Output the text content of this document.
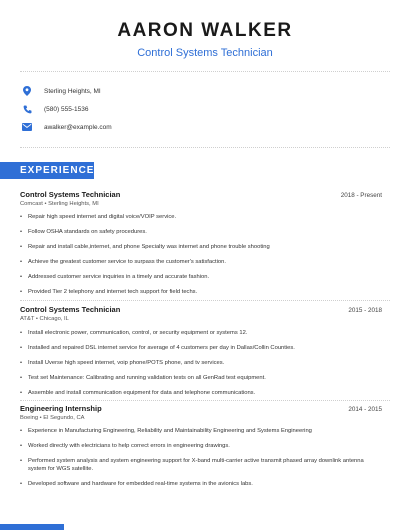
AARON WALKER
Control Systems Technician
Sterling Heights, MI
(580) 555-1536
awalker@example.com
EXPERIENCE
Control Systems Technician	2018 - Present
Comcast • Sterling Heights, MI
• Repair high speed internet and digital voice/VOIP service.
• Follow OSHA standards on safety procedures.
• Repair and install cable,internet, and phone Specialty was internet and phone trouble shooting
• Achieve the greatest customer service to surpass the customer's satisfaction.
• Addressed customer service inquiries in a timely and accurate fashion.
• Provided Tier 2 telephony and internet tech support for field techs.
Control Systems Technician	2015 - 2018
AT&T • Chicago, IL
• Install electronic power, communication, control, or security equipment or systems 12.
• Installed and repaired DSL internet service for average of 4 customers per day in Dallas/Collin Counties.
• Install Uverse high speed internet, voip phone/POTS phone, and tv services.
• Test set Maintenance: Calibrating and running validation tests on all GenRad test equipment.
• Assemble and install communication equipment for data and telephone communications.
Engineering Internship	2014 - 2015
Boeing • El Segundo, CA
• Experience in Manufacturing Engineering, Reliability and Maintainability Engineering and Systems Engineering
• Worked directly with electricians to help correct errors in engineering drawings.
• Performed system analysis and system engineering support for X-band multi-carrier active transmit phased array downlink antenna system for WGS satellite.
• Developed software and hardware for embedded real-time systems in the avionics labs.
